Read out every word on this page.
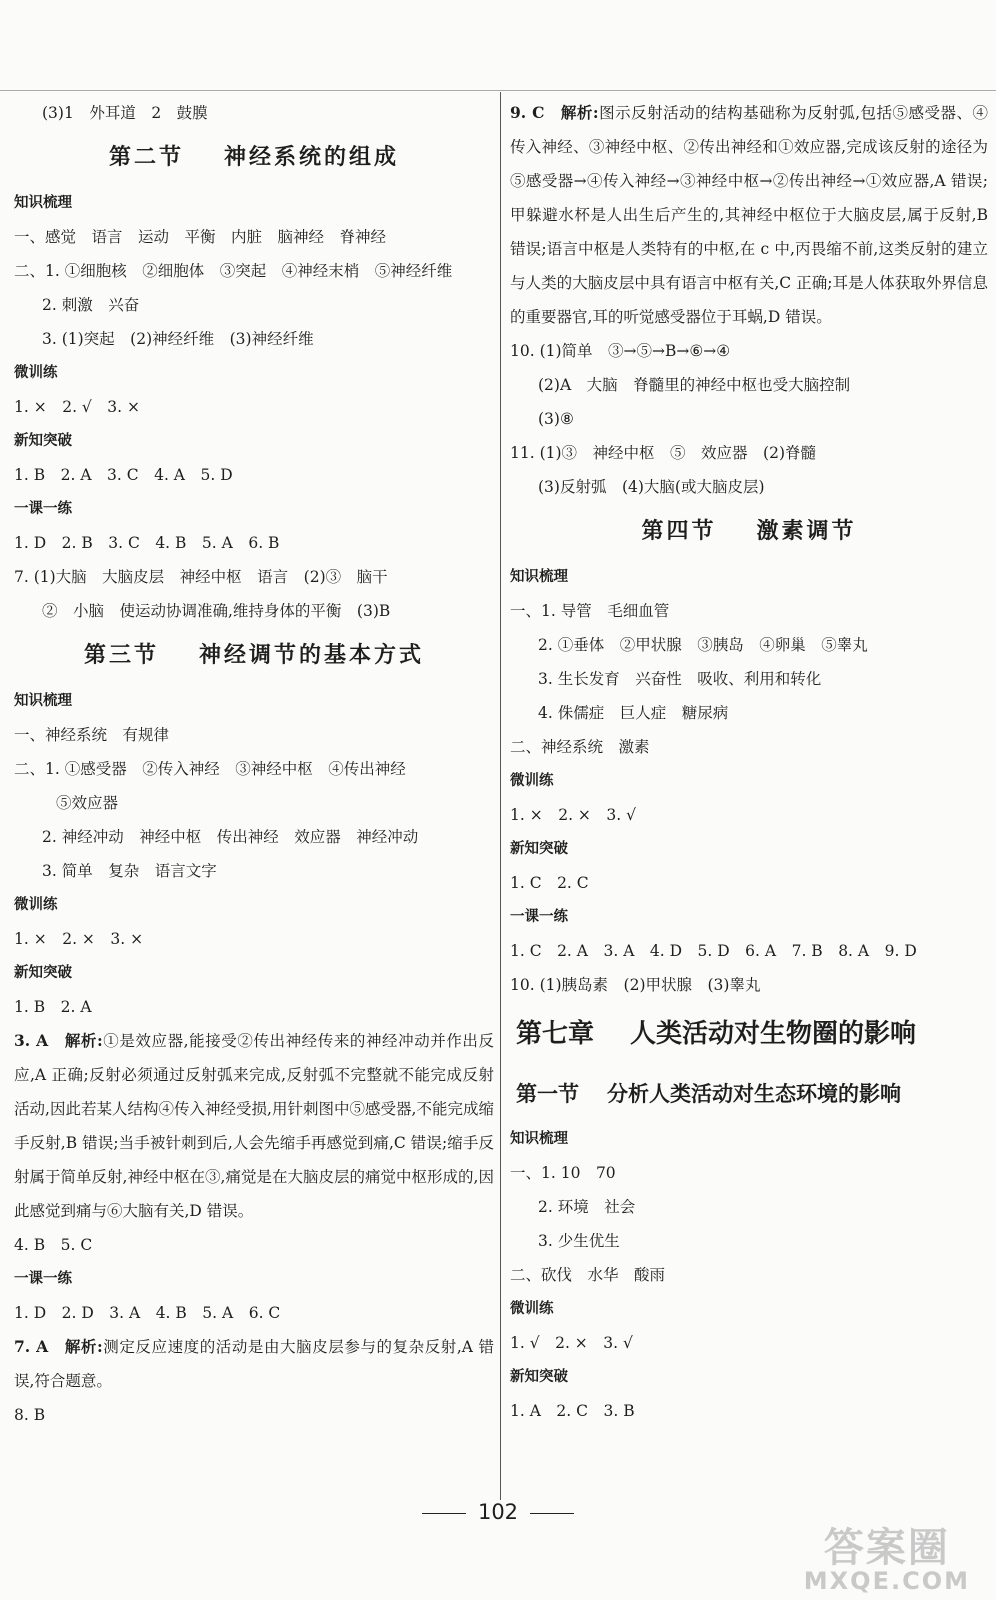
(3)1　外耳道　2　鼓膜
第二节 神经系统的组成
知识梳理
一、感觉　语言　运动　平衡　内脏　脑神经　脊神经
二、1. ①细胞核　②细胞体　③突起　④神经末梢　⑤神经纤维
2. 刺激　兴奋
3. (1)突起　(2)神经纤维　(3)神经纤维
微训练
1. ×　2. √　3. ×
新知突破
1. B　2. A　3. C　4. A　5. D
一课一练
1. D　2. B　3. C　4. B　5. A　6. B
7. (1)大脑　大脑皮层　神经中枢　语言　(2)③　脑干
②　小脑　使运动协调准确,维持身体的平衡　(3)B
第三节 神经调节的基本方式
知识梳理
一、神经系统　有规律
二、1. ①感受器　②传入神经　③神经中枢　④传出神经
⑤效应器
2. 神经冲动　神经中枢　传出神经　效应器　神经冲动
3. 简单　复杂　语言文字
微训练
1. ×　2. ×　3. ×
新知突破
1. B　2. A
3. A　解析:①是效应器,能接受②传出神经传来的神经冲动并作出反应,A 正确;反射必须通过反射弧来完成,反射弧不完整就不能完成反射活动,因此若某人结构④传入神经受损,用针刺图中⑤感受器,不能完成缩手反射,B 错误;当手被针刺到后,人会先缩手再感觉到痛,C 错误;缩手反射属于简单反射,神经中枢在③,痛觉是在大脑皮层的痛觉中枢形成的,因此感觉到痛与⑥大脑有关,D 错误。
4. B　5. C
一课一练
1. D　2. D　3. A　4. B　5. A　6. C
7. A　解析:测定反应速度的活动是由大脑皮层参与的复杂反射,A 错误,符合题意。
8. B
9. C　解析:图示反射活动的结构基础称为反射弧,包括⑤感受器、④传入神经、③神经中枢、②传出神经和①效应器,完成该反射的途径为⑤感受器→④传入神经→③神经中枢→②传出神经→①效应器,A 错误;甲躲避水杯是人出生后产生的,其神经中枢位于大脑皮层,属于反射,B 错误;语言中枢是人类特有的中枢,在 c 中,丙畏缩不前,这类反射的建立与人类的大脑皮层中具有语言中枢有关,C 正确;耳是人体获取外界信息的重要器官,耳的听觉感受器位于耳蜗,D 错误。
10. (1)简单　③→⑤→B→⑥→④
(2)A　大脑　脊髓里的神经中枢也受大脑控制
(3)⑧
11. (1)③　神经中枢　⑤　效应器　(2)脊髓
(3)反射弧　(4)大脑(或大脑皮层)
第四节 激素调节
知识梳理
一、1. 导管　毛细血管
2. ①垂体　②甲状腺　③胰岛　④卵巢　⑤睾丸
3. 生长发育　兴奋性　吸收、利用和转化
4. 侏儒症　巨人症　糖尿病
二、神经系统　激素
微训练
1. ×　2. ×　3. √
新知突破
1. C　2. C
一课一练
1. C　2. A　3. A　4. D　5. D　6. A　7. B　8. A　9. D
10. (1)胰岛素　(2)甲状腺　(3)睾丸
第七章 人类活动对生物圈的影响
第一节 分析人类活动对生态环境的影响
知识梳理
一、1. 10　70
2. 环境　社会
3. 少生优生
二、砍伐　水华　酸雨
微训练
1. √　2. ×　3. √
新知突破
1. A　2. C　3. B
102
答案圈
MXQE.COM
